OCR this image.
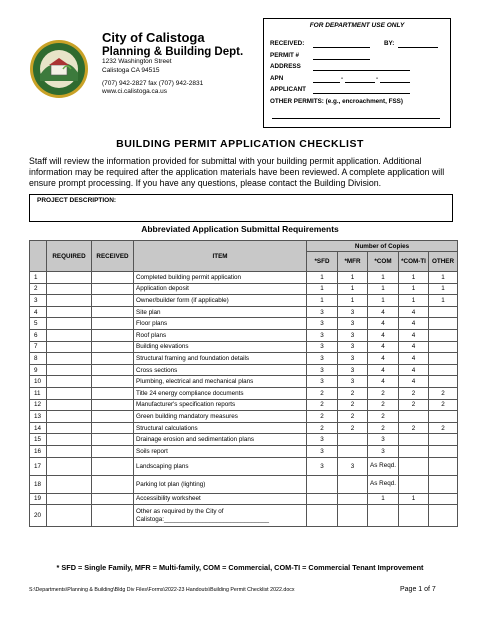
City of Calistoga
Planning & Building Dept.
1232 Washington Street
Calistoga CA 94515
(707) 942-2827 fax (707) 942-2831
www.ci.calistoga.ca.us
FOR DEPARTMENT USE ONLY
RECEIVED:	BY:
PERMIT #
ADDRESS
APN	-	-
APPLICANT
OTHER PERMITS: (e.g., encroachment, FSS)
BUILDING PERMIT APPLICATION CHECKLIST
Staff will review the information provided for submittal with your building permit application. Additional information may be required after the application materials have been reviewed. A complete application will ensure prompt processing. If you have any questions, please contact the Building Division.
PROJECT DESCRIPTION:
Abbreviated Application Submittal Requirements
	REQUIRED	RECEIVED	ITEM	Number of Copies				
				*SFD	*MFR	*COM	*COM-TI	OTHER
1			Completed building permit application	1	1	1	1	1
2			Application deposit	1	1	1	1	1
3			Owner/builder form (if applicable)	1	1	1	1	1
4			Site plan	3	3	4	4	
5			Floor plans	3	3	4	4	
6			Roof plans	3	3	4	4	
7			Building elevations	3	3	4	4	
8			Structural framing and foundation details	3	3	4	4	
9			Cross sections	3	3	4	4	
10			Plumbing, electrical and mechanical plans	3	3	4	4	
11			Title 24 energy compliance documents	2	2	2	2	2
12			Manufacturer's specification reports	2	2	2	2	2
13			Green building mandatory measures	2	2	2		
14			Structural calculations	2	2	2	2	2
15			Drainage erosion and sedimentation plans	3		3		
16			Soils report	3		3		
17			Landscaping plans	3	3	As Reqd.		
18			Parking lot plan (lighting)			As Reqd.		
19			Accessibility worksheet			1	1	
20			Other as required by the City of Calistoga:______________________________					
* SFD = Single Family, MFR = Multi-family, COM = Commercial, COM-TI = Commercial Tenant Improvement
S:\Departments\Planning & Building\Bldg Div Files\Forms\2022-23 Handouts\Building Permit Checklist 2022.docx	Page 1 of 7
